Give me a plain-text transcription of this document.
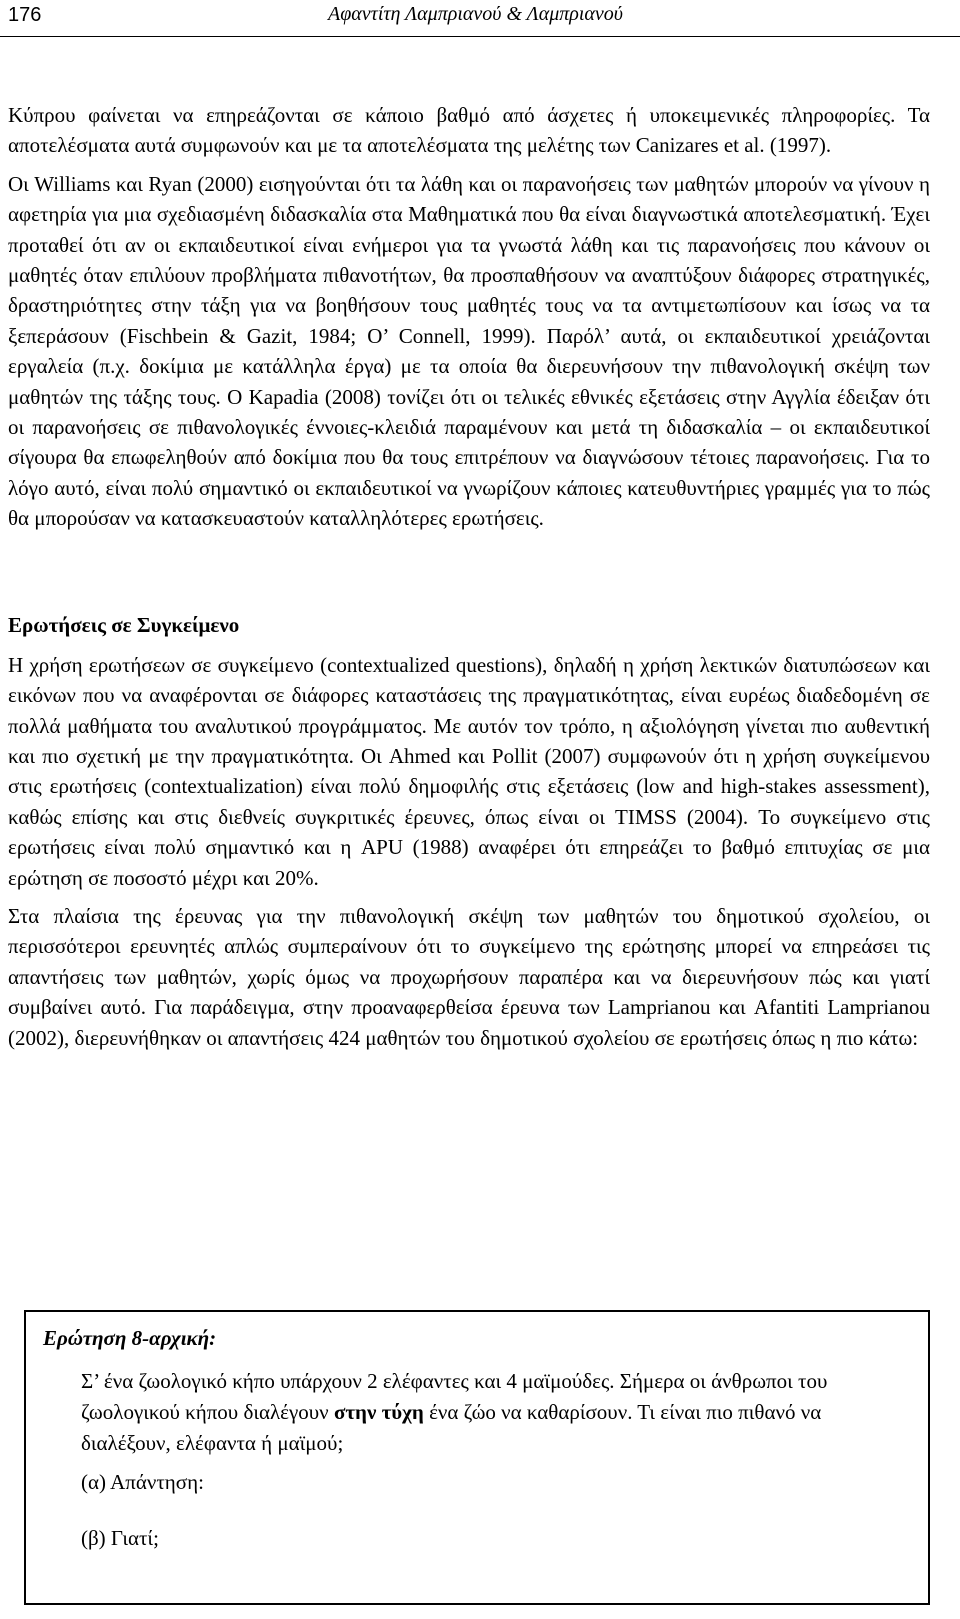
176	Αφαντίτη Λαμπριανού & Λαμπριανού

Κύπρου φαίνεται να επηρεάζονται σε κάποιο βαθμό από άσχετες ή υποκειμενικές πληροφορίες. Τα αποτελέσματα αυτά συμφωνούν και με τα αποτελέσματα της μελέτης των Canizares et al. (1997).

Οι Williams και Ryan (2000) εισηγούνται ότι τα λάθη και οι παρανοήσεις των μαθητών μπορούν να γίνουν η αφετηρία για μια σχεδιασμένη διδασκαλία στα Μαθηματικά που θα είναι διαγνωστικά αποτελεσματική. Έχει προταθεί ότι αν οι εκπαιδευτικοί είναι ενήμεροι για τα γνωστά λάθη και τις παρανοήσεις που κάνουν οι μαθητές όταν επιλύουν προβλήματα πιθανοτήτων, θα προσπαθήσουν να αναπτύξουν διάφορες στρατηγικές, δραστηριότητες στην τάξη για να βοηθήσουν τους μαθητές τους να τα αντιμετωπίσουν και ίσως να τα ξεπεράσουν (Fischbein & Gazit, 1984; O’ Connell, 1999). Παρόλ’ αυτά, οι εκπαιδευτικοί χρειάζονται εργαλεία (π.χ. δοκίμια με κατάλληλα έργα) με τα οποία θα διερευνήσουν την πιθανολογική σκέψη των μαθητών της τάξης τους. Ο Kapadia (2008) τονίζει ότι οι τελικές εθνικές εξετάσεις στην Αγγλία έδειξαν ότι οι παρανοήσεις σε πιθανολογικές έννοιες-κλειδιά παραμένουν και μετά τη διδασκαλία – οι εκπαιδευτικοί σίγουρα θα επωφεληθούν από δοκίμια που θα τους επιτρέπουν να διαγνώσουν τέτοιες παρανοήσεις. Για το λόγο αυτό, είναι πολύ σημαντικό οι εκπαιδευτικοί να γνωρίζουν κάποιες κατευθυντήριες γραμμές για το πώς θα μπορούσαν να κατασκευαστούν καταλληλότερες ερωτήσεις.

Ερωτήσεις σε Συγκείμενο

Η χρήση ερωτήσεων σε συγκείμενο (contextualized questions), δηλαδή η χρήση λεκτικών διατυπώσεων και εικόνων που να αναφέρονται σε διάφορες καταστάσεις της πραγματικότητας, είναι ευρέως διαδεδομένη σε πολλά μαθήματα του αναλυτικού προγράμματος. Με αυτόν τον τρόπο, η αξιολόγηση γίνεται πιο αυθεντική και πιο σχετική με την πραγματικότητα. Οι Ahmed και Pollit (2007) συμφωνούν ότι η χρήση συγκείμενου στις ερωτήσεις (contextualization) είναι πολύ δημοφιλής στις εξετάσεις (low and high-stakes assessment), καθώς επίσης και στις διεθνείς συγκριτικές έρευνες, όπως είναι οι TIMSS (2004). Το συγκείμενο στις ερωτήσεις είναι πολύ σημαντικό και η APU (1988) αναφέρει ότι επηρεάζει το βαθμό επιτυχίας σε μια ερώτηση σε ποσοστό μέχρι και 20%.

Στα πλαίσια της έρευνας για την πιθανολογική σκέψη των μαθητών του δημοτικού σχολείου, οι περισσότεροι ερευνητές απλώς συμπεραίνουν ότι το συγκείμενο της ερώτησης μπορεί να επηρεάσει τις απαντήσεις των μαθητών, χωρίς όμως να προχωρήσουν παραπέρα και να διερευνήσουν πώς και γιατί συμβαίνει αυτό. Για παράδειγμα, στην προαναφερθείσα έρευνα των Lamprianou και Afantiti Lamprianou (2002), διερευνήθηκαν οι απαντήσεις 424 μαθητών του δημοτικού σχολείου σε ερωτήσεις όπως η πιο κάτω:

Ερώτηση 8-αρχική:
Σ’ ένα ζωολογικό κήπο υπάρχουν 2 ελέφαντες και 4 μαϊμούδες. Σήμερα οι άνθρωποι του ζωολογικού κήπου διαλέγουν στην τύχη ένα ζώο να καθαρίσουν. Τι είναι πιο πιθανό να διαλέξουν, ελέφαντα ή μαϊμού;
(α) Απάντηση:
(β) Γιατί;
